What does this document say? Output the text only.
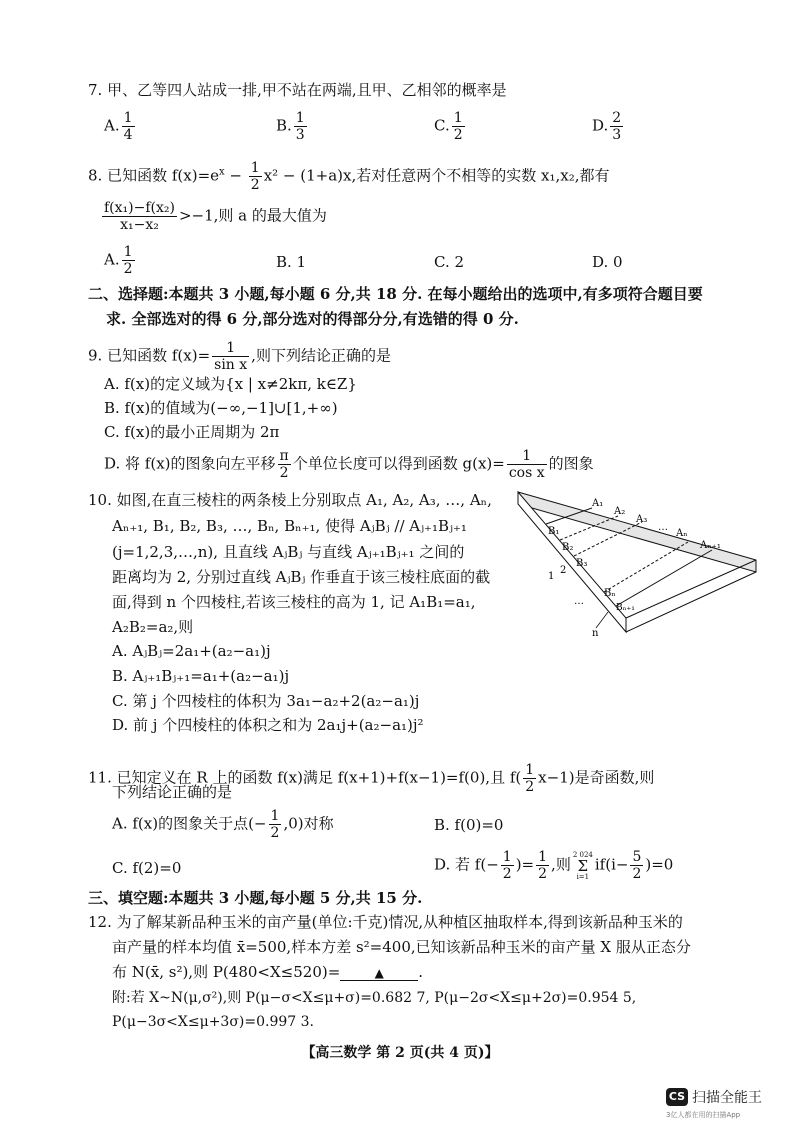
7. 甲、乙等四人站成一排,甲不站在两端,且甲、乙相邻的概率是
A. $\frac{1}{4}$	B. $\frac{1}{3}$	C. $\frac{1}{2}$	D. $\frac{2}{3}$
8. 已知函数 $f(x)=e^x - \frac{1}{2} x^2 - (1+a)x$,若对任意两个不相等的实数 x₁,x₂,都有
$\frac{\text{f(x₁)−f(x₂)}}{\text{x₁−x₂}} >-1$,则 a 的最大值为
A. $\frac{1}{2}$	B. 1	C. 2	D. 0
二、选择题:本题共 3 小题,每小题 6 分,共 18 分. 在每小题给出的选项中,有多项符合题目要
求. 全部选对的得 6 分,部分选对的得部分分,有选错的得 0 分.
9. 已知函数 $f(x)= \frac{1}{\text{sin x}}$ ,则下列结论正确的是
A. f(x)的定义域为{x | x≠2kπ, k∈Z}
B. f(x)的值域为(−∞,−1]∪[1,+∞)
C. f(x)的最小正周期为 2π
D. 将 f(x)的图象向左平移 $\frac{\pi}{2}$ 个单位长度可以得到函数 $g(x)= \frac{1}{\text{cos x}}$ 的图象
10. 如图,在直三棱柱的两条棱上分别取点 A₁, A₂, A₃, …, Aₙ,
Aₙ₊₁, B₁, B₂, B₃, …, Bₙ, Bₙ₊₁, 使得 AⱼBⱼ // Aⱼ₊₁Bⱼ₊₁
(j=1,2,3,…,n), 且直线 AⱼBⱼ 与直线 Aⱼ₊₁Bⱼ₊₁ 之间的
距离均为 2, 分别过直线 AⱼBⱼ 作垂直于该三棱柱底面的截
面,得到 n 个四棱柱,若该三棱柱的高为 1, 记 A₁B₁=a₁,
A₂B₂=a₂,则
A. AⱼBⱼ=2a₁+(a₂−a₁)j
B. Aⱼ₊₁Bⱼ₊₁=a₁+(a₂−a₁)j
C. 第 j 个四棱柱的体积为 3a₁−a₂+2(a₂−a₁)j
D. 前 j 个四棱柱的体积之和为 2a₁j+(a₂−a₁)j²
A₁
A₂
A₃
…
Aₙ
Aₙ₊₁
B₁
B₂
B₃
Bₙ
Bₙ₊₁
1
2
…
n
11. 已知定义在 R 上的函数 f(x)满足 f(x+1)+f(x−1)=f(0),且 $f( \frac{1}{2} x-1)$是奇函数,则
下列结论正确的是
A. f(x)的图象关于点(− $\frac{1}{2} ,0$)对称	B. f(0)=0
C. f(2)=0	D. 若 $f(- \frac{1}{2}$ )= $\frac{1}{2}$ ,则
2 024
Σ
i=1
$if(i- \frac{5}{2} )=0$
三、填空题:本题共 3 小题,每小题 5 分,共 15 分.
12. 为了解某新品种玉米的亩产量(单位:千克)情况,从种植区抽取样本,得到该新品种玉米的
亩产量的样本均值 x̄=500,样本方差 s²=400,已知该新品种玉米的亩产量 X 服从正态分
布 N(x̄, s²),则 P(480<X≤520)=	▲ .
附:若 X~N(μ,σ²),则 P(μ−σ<X≤μ+σ)=0.682 7, P(μ−2σ<X≤μ+2σ)=0.954 5,
P(μ−3σ<X≤μ+3σ)=0.997 3.
【高三数学 第 2 页(共 4 页)】
CS 扫描全能王
3亿人都在用的扫描App
